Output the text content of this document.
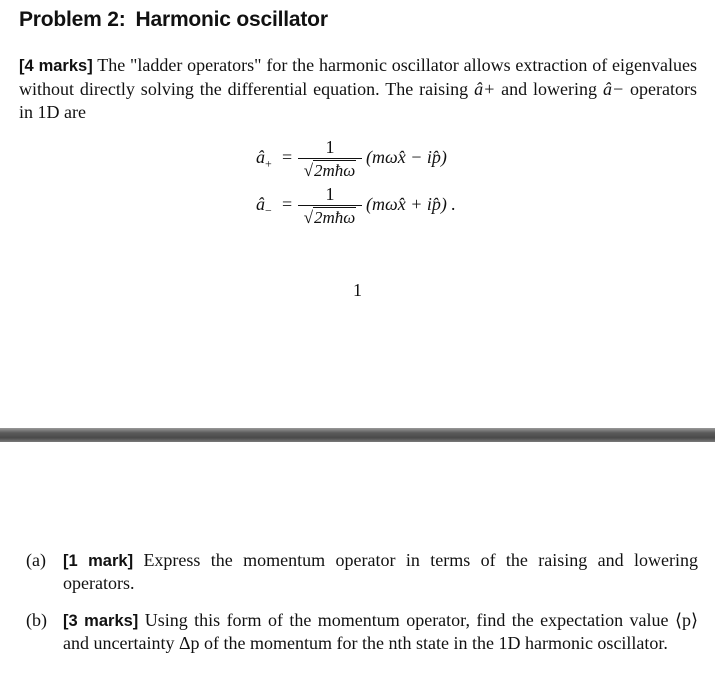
Problem 2: Harmonic oscillator

[4 marks] The "ladder operators" for the harmonic oscillator allows extraction of eigenvalues without directly solving the differential equation. The raising â+ and lowering â− operators in 1D are

$â_+$ =	1
√2mħω
(mωx̂ − ip̂)
$â_-$ =	1
√2mħω
(mωx̂ + ip̂) .
1
(a) [1 mark] Express the momentum operator in terms of the raising and lowering operators.
(b) [3 marks] Using this form of the momentum operator, find the expectation value ⟨p⟩ and uncertainty Δp of the momentum for the nth state in the 1D harmonic oscillator.
